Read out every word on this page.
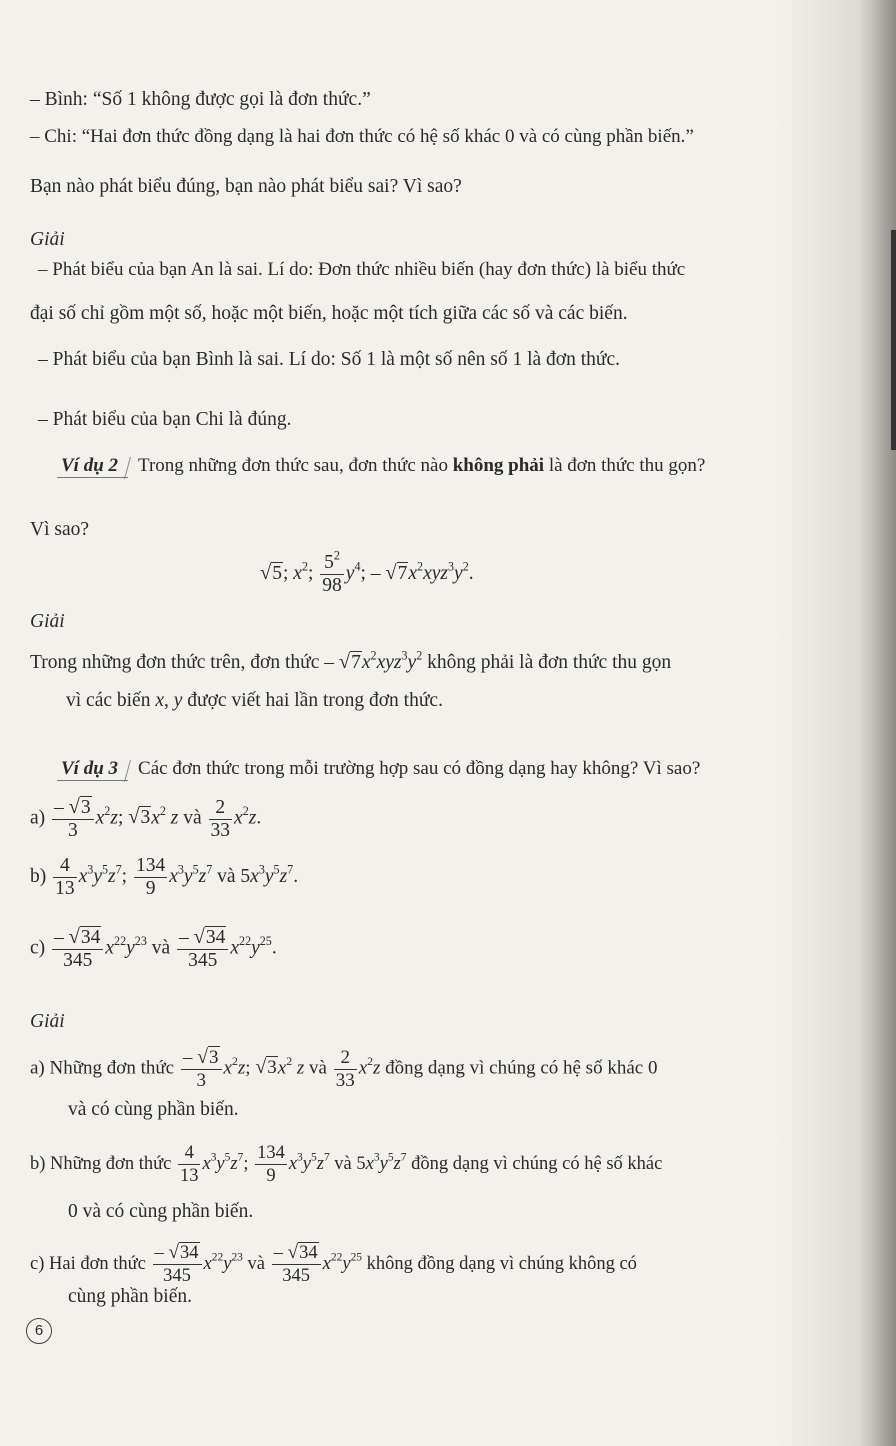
– Bình: “Số 1 không được gọi là đơn thức.”
– Chi: “Hai đơn thức đồng dạng là hai đơn thức có hệ số khác 0 và có cùng phần biến.”
Bạn nào phát biểu đúng, bạn nào phát biểu sai? Vì sao?
Giải
– Phát biểu của bạn An là sai. Lí do: Đơn thức nhiều biến (hay đơn thức) là biểu thức
đại số chỉ gồm một số, hoặc một biến, hoặc một tích giữa các số và các biến.
– Phát biểu của bạn Bình là sai. Lí do: Số 1 là một số nên số 1 là đơn thức.
– Phát biểu của bạn Chi là đúng.
Ví dụ 2 Trong những đơn thức sau, đơn thức nào không phải là đơn thức thu gọn?
Vì sao?
√5; $x^2$; $\frac{5^2}{98} y^4$; – $√7x^2xyz^3y^2$.
Giải
Trong những đơn thức trên, đơn thức – $√7x^2xyz^3y^2$ không phải là đơn thức thu gọn
vì các biến x, y được viết hai lần trong đơn thức.
Ví dụ 3 Các đơn thức trong mỗi trường hợp sau có đồng dạng hay không? Vì sao?
$a) \frac{- √3}{3} x^2z$; $√3x^2$ z và $\frac{2}{33} x^2z$.
$b) \frac{4}{13} x^3y^5z^7$; $\frac{134}{9} x^3y^5z^7$ và $5x^3y^5z^7$.
$c) \frac{- √34}{345} x^{22}y^{23}$ và $\frac{- √34}{345} x^{22}y^{25}$.
Giải
a) Những đơn thức $\frac{- √3}{3} x^2z$; $√3x^2$ z và $\frac{2}{33} x^2z$ đồng dạng vì chúng có hệ số khác 0
và có cùng phần biến.
b) Những đơn thức $\frac{4}{13} x^3y^5z^7$; $\frac{134}{9} x^3y^5z^7$ và $5x^3y^5z^7$ đồng dạng vì chúng có hệ số khác
0 và có cùng phần biến.
c) Hai đơn thức $\frac{- √34}{345} x^{22}y^{23}$ và $\frac{- √34}{345} x^{22}y^{25}$ không đồng dạng vì chúng không có
cùng phần biến.
6
